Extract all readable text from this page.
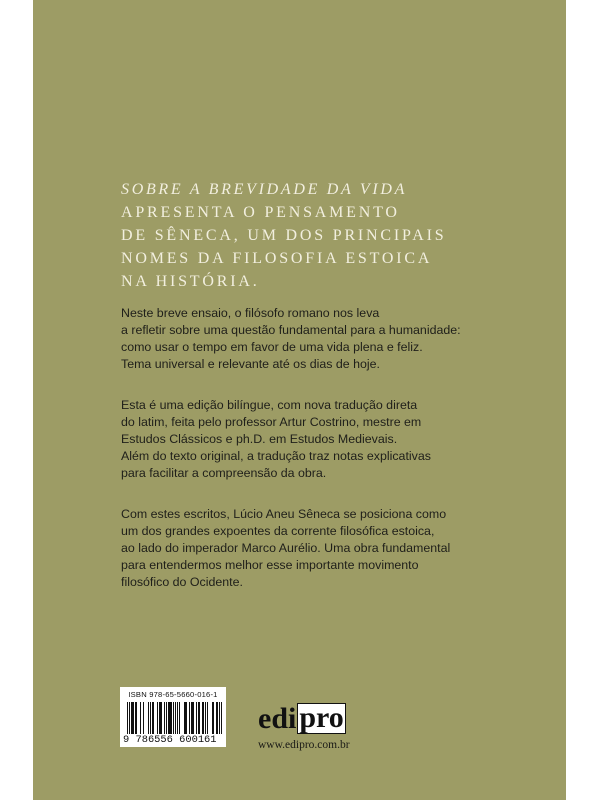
SOBRE A BREVIDADE DA VIDA
APRESENTA O PENSAMENTO
DE SÊNECA, UM DOS PRINCIPAIS
NOMES DA FILOSOFIA ESTOICA
NA HISTÓRIA.
Neste breve ensaio, o filósofo romano nos leva
a refletir sobre uma questão fundamental para a humanidade:
como usar o tempo em favor de uma vida plena e feliz.
Tema universal e relevante até os dias de hoje.
Esta é uma edição bilíngue, com nova tradução direta
do latim, feita pelo professor Artur Costrino, mestre em
Estudos Clássicos e ph.D. em Estudos Medievais.
Além do texto original, a tradução traz notas explicativas
para facilitar a compreensão da obra.
Com estes escritos, Lúcio Aneu Sêneca se posiciona como
um dos grandes expoentes da corrente filosófica estoica,
ao lado do imperador Marco Aurélio. Uma obra fundamental
para entendermos melhor esse importante movimento
filosófico do Ocidente.
ISBN 978-65-5660-016-1
9 786556 600161
edi pro
www.edipro.com.br
